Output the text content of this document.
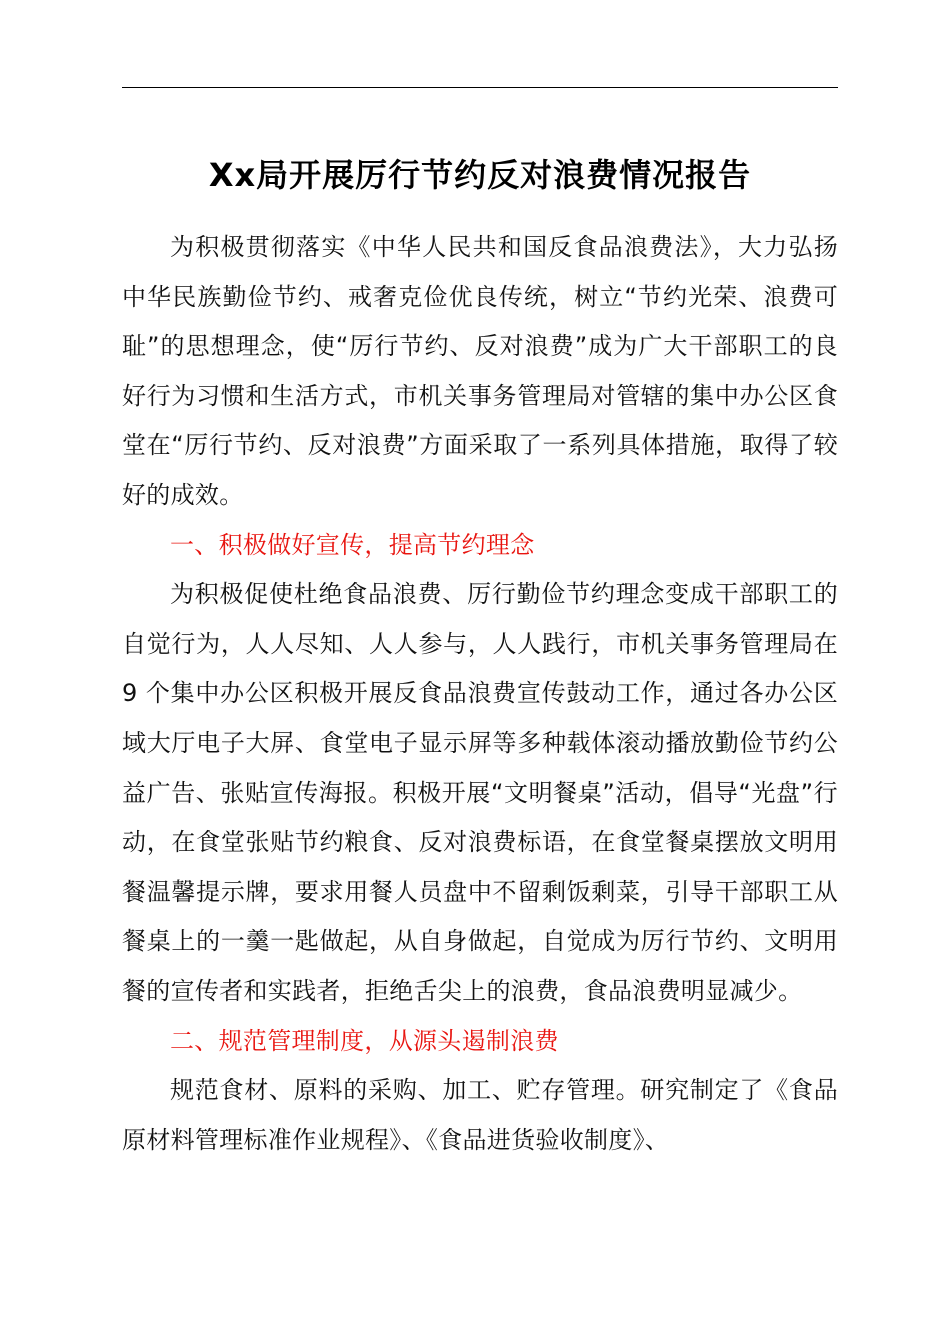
Xx局开展厉行节约反对浪费情况报告

为积极贯彻落实《中华人民共和国反食品浪费法》，大力弘扬中华民族勤俭节约、戒奢克俭优良传统，树立“节约光荣、浪费可耻”的思想理念，使“厉行节约、反对浪费”成为广大干部职工的良好行为习惯和生活方式，市机关事务管理局对管辖的集中办公区食堂在“厉行节约、反对浪费”方面采取了一系列具体措施，取得了较好的成效。

一、积极做好宣传，提高节约理念

为积极促使杜绝食品浪费、厉行勤俭节约理念变成干部职工的自觉行为，人人尽知、人人参与，人人践行，市机关事务管理局在 9 个集中办公区积极开展反食品浪费宣传鼓动工作，通过各办公区域大厅电子大屏、食堂电子显示屏等多种载体滚动播放勤俭节约公益广告、张贴宣传海报。积极开展“文明餐桌”活动，倡导“光盘”行动，在食堂张贴节约粮食、反对浪费标语，在食堂餐桌摆放文明用餐温馨提示牌，要求用餐人员盘中不留剩饭剩菜，引导干部职工从餐桌上的一羹一匙做起，从自身做起，自觉成为厉行节约、文明用餐的宣传者和实践者，拒绝舌尖上的浪费，食品浪费明显减少。

二、规范管理制度，从源头遏制浪费

规范食材、原料的采购、加工、贮存管理。研究制定了《食品原材料管理标准作业规程》、《食品进货验收制度》、
